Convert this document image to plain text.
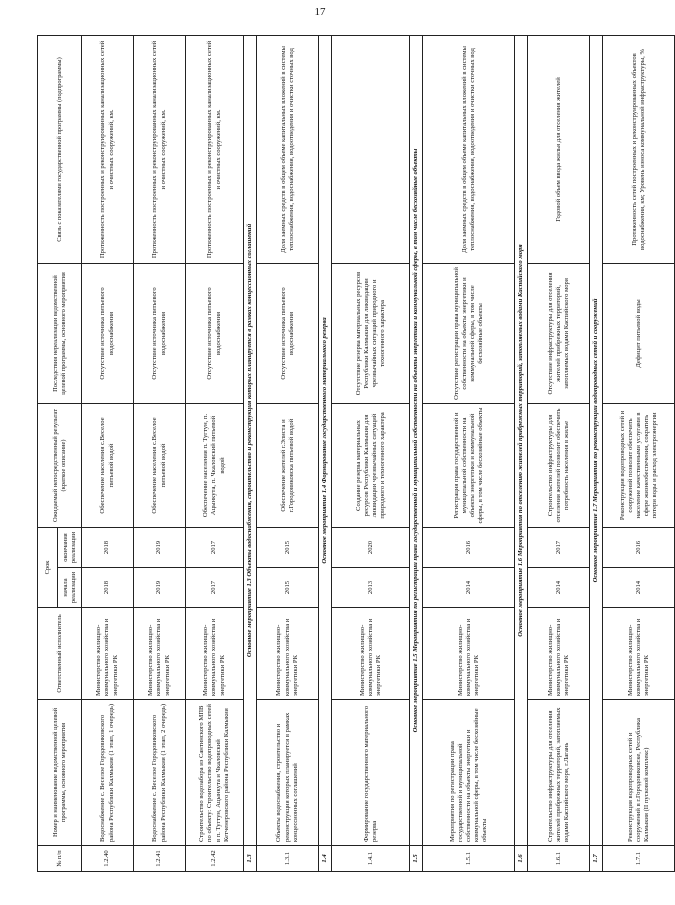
17
№ п/п	Номер и наименование ведомственной целевой программы, основного мероприятия	Ответственный исполнитель	Срок		Ожидаемый непосредственный результат (краткое описание)	Последствия нереализации ведомственной целевой программы, основного мероприятия	Связь с показателями государственной программы (подпрограммы)
			начала реализации	окончания реализации			
1.2.40	Водоснабжение с. Веселое Городовиковского района Республики Калмыкия (1 этап, 1 очередь)	Министерство жилищно-коммунального хозяйства и энергетики РК	2018	2018	Обеспечение населения с.Веселое питьевой водой	Отсутствие источника питьевого водоснабжения	Протяженность построенных и реконструированных канализационных сетей и очистных сооружений, км.
1.2.41	Водоснабжение с. Веселое Городовиковского района Республики Калмыкия (1 этап, 2 очередь)	Министерство жилищно-коммунального хозяйства и энергетики РК	2019	2019	Обеспечение населения с.Веселое питьевой водой	Отсутствие источника питьевого водоснабжения	Протяженность построенных и реконструированных канализационных сетей и очистных сооружений, км.
1.2.42	Строительство водозабора из Сантинского МПВ по объекту: Строительство водопроводных сетей в п. Тугтун, Ацынкута и Чкаловский Кетченеровского района Республики Калмыкия	Министерство жилищно-коммунального хозяйства и энергетики РК	2017	2017	Обеспечение населения п. Тугтун, п. Ацынкута, п. Чкаловский питьевой водой	Отсутствие источника питьевого водоснабжения	Протяженность построенных и реконструированных канализационных сетей и очистных сооружений, км.
1.3	Основное мероприятие 1.3 Объекты водоснабжения, строительство и реконструкция которых планируется в рамках концессионных соглашений						
1.3.1	Объекты водоснабжения, строительство и реконструкция которых планируется в рамках концессионных соглашений	Министерство жилищно-коммунального хозяйства и энергетики РК	2015	2015	Обеспечение жителей г.Элиста и г.Городовиковска питьевой водой	Отсутствие источника питьевого водоснабжения	Доля заемных средств в общем объеме капитальных вложений в системы теплоснабжения, водоснабжения, водоотведения и очистки сточных вод
1.4	Основное мероприятие 1.4 Формирование государственного материального резерва						
1.4.1	Формирование государственного материального резерва	Министерство жилищно-коммунального хозяйства и энергетики РК	2013	2020	Создание резерва материальных ресурсов Республики Калмыкия для ликвидации чрезвычайных ситуаций природного и техногенного характера	Отсутствие резерва материальных ресурсов Республики Калмыкия для ликвидации чрезвычайных ситуаций природного и техногенного характера	
1.5	Основное мероприятие 1.5 Мероприятия по регистрации права государственной и муниципальной собственности на объекты энергетики и коммунальной сферы, в том числе бесхозяйные объекты						
1.5.1	Мероприятия по регистрации права государственной и муниципальной собственности на объекты энергетики и коммунальной сферы, в том числе бесхозяйные объекты	Министерство жилищно-коммунального хозяйства и энергетики РК	2014	2016	Регистрация права государственной и муниципальной собственности на объекты энергетики и коммунальной сферы, в том числе бесхозяйные объекты	Отсутствие регистрации права муниципальной собственности на объекты энергетики и коммунальной сферы, в том числе бесхозяйные объекты	Доля заемных средств в общем объеме капитальных вложений в системы теплоснабжения, водоснабжения, водоотведения и очистки сточных вод
1.6	Основное мероприятие 1.6 Мероприятия по отселению жителей прибрежных территорий, затопляемых водами Каспийского моря						
1.6.1	Строительство инфраструктуры для отселения жителей прибрежных территорий, затопляемых водами Каспийского моря, г.Лагань	Министерство жилищно-коммунального хозяйства и энергетики РК	2014	2017	Строительство инфраструктуры для отселения жителей позволит обеспечить потребность населения в жилье	Отсутствие инфраструктуры для отселения жителей прибрежных территорий, затопляемых водами Каспийского моря	Годовой объем ввода жилья для отселения жителей
1.7	Основное мероприятие 1.7 Мероприятия по реконструкции водопроводных сетей и сооружений						
1.7.1	Реконструкция водопроводных сетей и сооружений в г.Городовиковске, Республика Калмыкия (II пусковой комплекс)	Министерство жилищно-коммунального хозяйства и энергетики РК	2014	2016	Реконструкция водопроводных сетей и сооружений позволит обеспечить население качественными услугами в сфере жизнеобеспечения, сократить потери воды и расход электроэнергии	Дефицит питьевой воды	Протяженность сетей построенных и реконструированных объектов водоснабжения, км; Уровень износа коммунальной инфраструктуры, %
